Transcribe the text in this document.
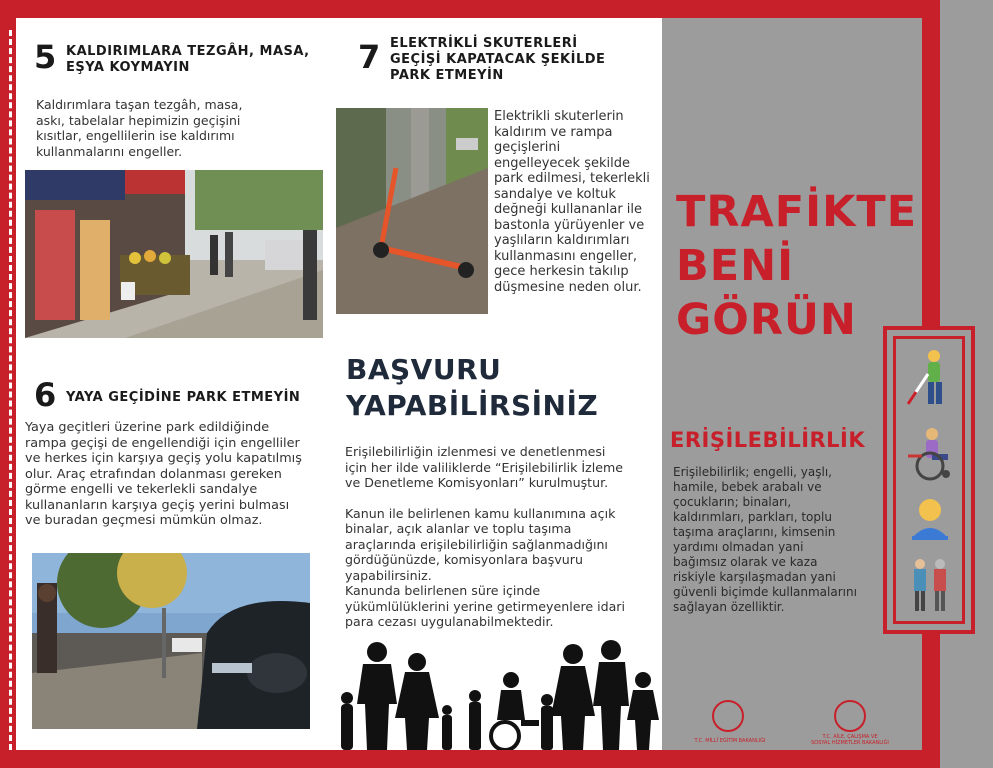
5 KALDIRIMLARA TEZGÂH, MASA,
EŞYA KOYMAYIN
Kaldırımlara taşan tezgâh, masa,
askı, tabelalar hepimizin geçişini
kısıtlar, engellilerin ise kaldırımı
kullanmalarını engeller.
6 YAYA GEÇİDİNE PARK ETMEYİN
Yaya geçitleri üzerine park edildiğinde
rampa geçişi de engellendiği için engelliler
ve herkes için karşıya geçiş yolu kapatılmış
olur. Araç etrafından dolanması gereken
görme engelli ve tekerlekli sandalye
kullananların karşıya geçiş yerini bulması
ve buradan geçmesi mümkün olmaz.
7 ELEKTRİKLİ SKUTERLERİ
GEÇİŞİ KAPATACAK ŞEKİLDE
PARK ETMEYİN
Elektrikli skuterlerin
kaldırım ve rampa
geçişlerini
engelleyecek şekilde
park edilmesi, tekerlekli
sandalye ve koltuk
değneği kullananlar ile
bastonla yürüyenler ve
yaşlıların kaldırımları
kullanmasını engeller,
gece herkesin takılıp
düşmesine neden olur.
BAŞVURU
YAPABİLİRSİNİZ
Erişilebilirliğin izlenmesi ve denetlenmesi
için her ilde valiliklerde “Erişilebilirlik İzleme
ve Denetleme Komisyonları” kurulmuştur.
Kanun ile belirlenen kamu kullanımına açık
binalar, açık alanlar ve toplu taşıma
araçlarında erişilebilirliğin sağlanmadığını
gördüğünüzde, komisyonlara başvuru
yapabilirsiniz.
Kanunda belirlenen süre içinde
yükümlülüklerini yerine getirmeyenlere idari
para cezası uygulanabilmektedir.
TRAFİKTE
BENİ
GÖRÜN
ERİŞİLEBİLİRLİK
Erişilebilirlik; engelli, yaşlı,
hamile, bebek arabalı ve
çocukların; binaları,
kaldırımları, parkları, toplu
taşıma araçlarını, kimsenin
yardımı olmadan yani
bağımsız olarak ve kaza
riskiyle karşılaşmadan yani
güvenli biçimde kullanmalarını
sağlayan özelliktir.
T.C. MİLLÎ EĞİTİM BAKANLIĞI
T.C. AİLE, ÇALIŞMA VE
SOSYAL HİZMETLER BAKANLIĞI
